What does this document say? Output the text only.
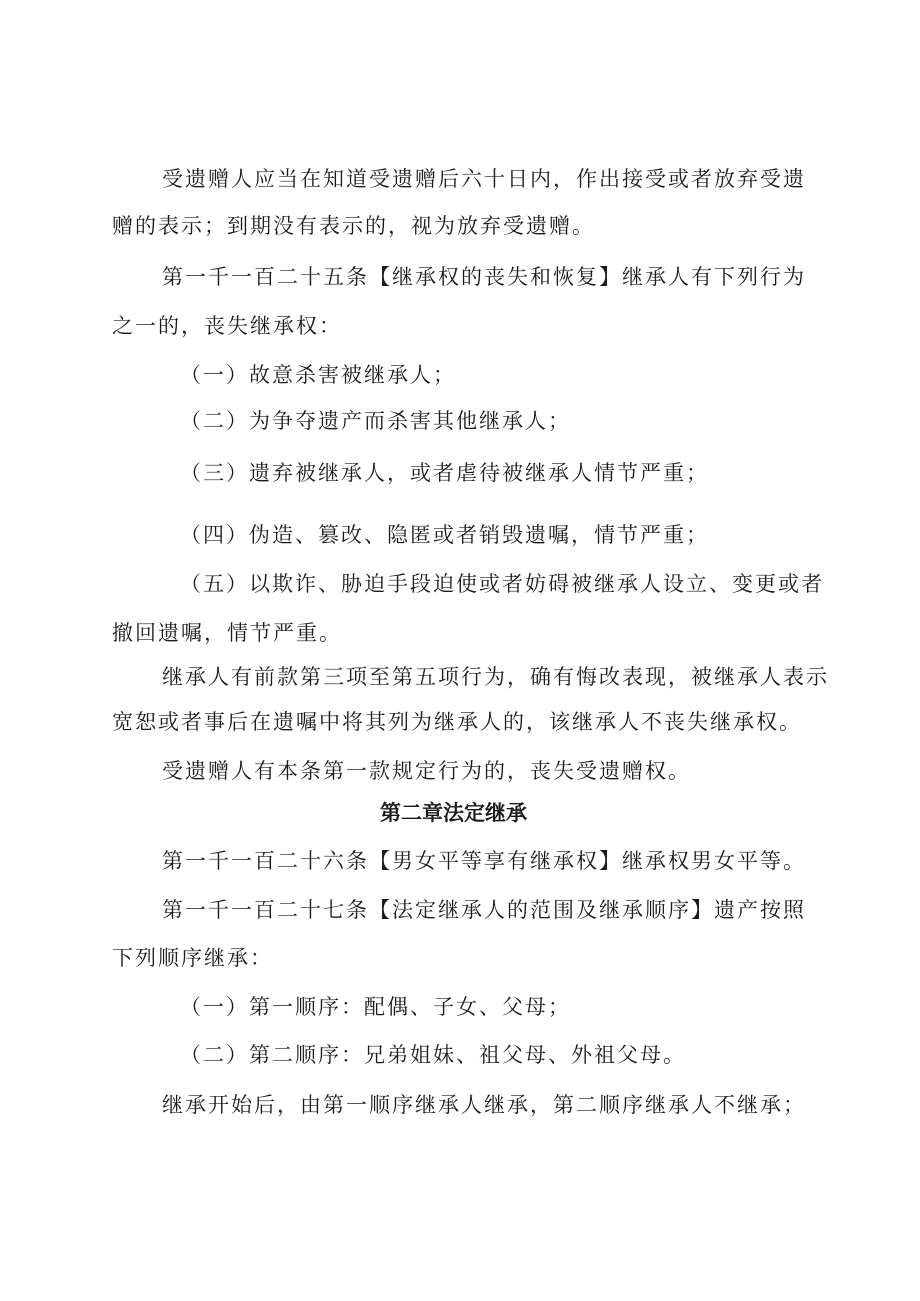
受遗赠人应当在知道受遗赠后六十日内，作出接受或者放弃受遗

赠的表示；到期没有表示的，视为放弃受遗赠。

第一千一百二十五条【继承权的丧失和恢复】继承人有下列行为

之一的，丧失继承权：

（一）故意杀害被继承人；

（二）为争夺遗产而杀害其他继承人；

（三）遗弃被继承人，或者虐待被继承人情节严重；

（四）伪造、篡改、隐匿或者销毁遗嘱，情节严重；

（五）以欺诈、胁迫手段迫使或者妨碍被继承人设立、变更或者

撤回遗嘱，情节严重。

继承人有前款第三项至第五项行为，确有悔改表现，被继承人表示

宽恕或者事后在遗嘱中将其列为继承人的，该继承人不丧失继承权。

受遗赠人有本条第一款规定行为的，丧失受遗赠权。

第二章法定继承

第一千一百二十六条【男女平等享有继承权】继承权男女平等。

第一千一百二十七条【法定继承人的范围及继承顺序】遗产按照

下列顺序继承：

（一）第一顺序：配偶、子女、父母；

（二）第二顺序：兄弟姐妹、祖父母、外祖父母。

继承开始后，由第一顺序继承人继承，第二顺序继承人不继承；
